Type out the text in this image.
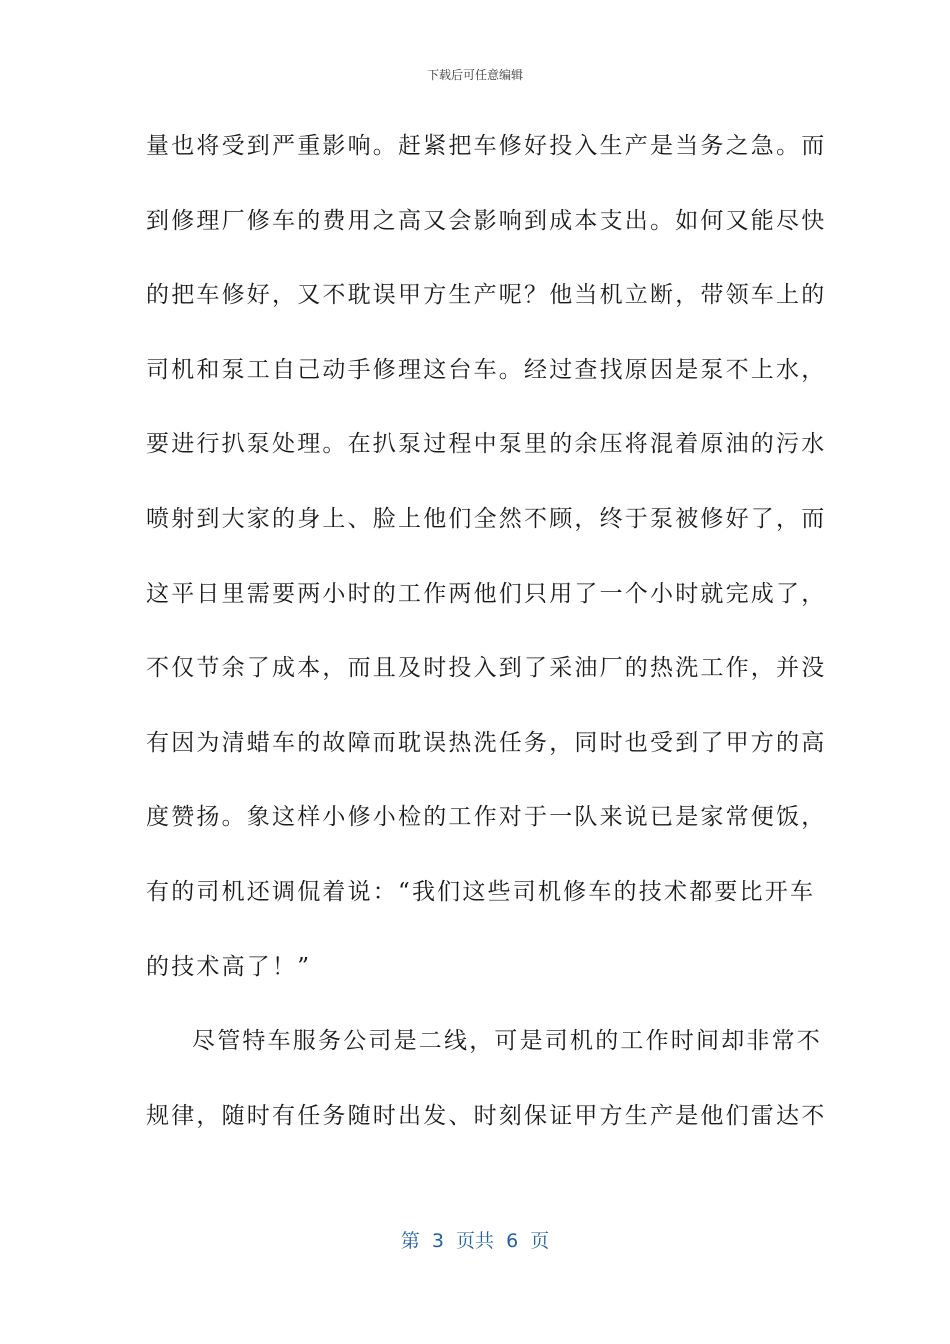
下载后可任意编辑
量也将受到严重影响。赶紧把车修好投入生产是当务之急。而
到修理厂修车的费用之高又会影响到成本支出。如何又能尽快
的把车修好，又不耽误甲方生产呢？他当机立断，带领车上的
司机和泵工自己动手修理这台车。经过查找原因是泵不上水，
要进行扒泵处理。在扒泵过程中泵里的余压将混着原油的污水
喷射到大家的身上、脸上他们全然不顾，终于泵被修好了，而
这平日里需要两小时的工作两他们只用了一个小时就完成了，
不仅节余了成本，而且及时投入到了采油厂的热洗工作，并没
有因为清蜡车的故障而耽误热洗任务，同时也受到了甲方的高
度赞扬。象这样小修小检的工作对于一队来说已是家常便饭，
有的司机还调侃着说：“我们这些司机修车的技术都要比开车
的技术高了！”
尽管特车服务公司是二线，可是司机的工作时间却非常不
规律，随时有任务随时出发、时刻保证甲方生产是他们雷达不
第  3  页共  6  页
